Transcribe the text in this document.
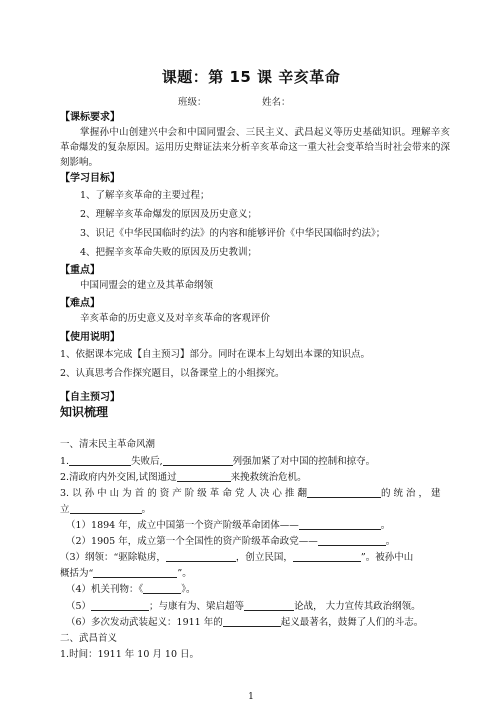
课题：第 15 课 辛亥革命
班级：	姓名：
【课标要求】
掌握孙中山创建兴中会和中国同盟会、三民主义、武昌起义等历史基础知识。理解辛亥革命爆发的复杂原因。运用历史辩证法来分析辛亥革命这一重大社会变革给当时社会带来的深刻影响。
【学习目标】
1、了解辛亥革命的主要过程；
2、理解辛亥革命爆发的原因及历史意义；
3、识记《中华民国临时约法》的内容和能够评价《中华民国临时约法》；
4、把握辛亥革命失败的原因及历史教训；
【重点】
中国同盟会的建立及其革命纲领
【难点】
辛亥革命的历史意义及对辛亥革命的客观评价
【使用说明】
1、依据课本完成【自主预习】部分。同时在课本上勾划出本课的知识点。
2、认真思考合作探究题目，以备课堂上的小组探究。
【自主预习】
知识梳理
一、清末民主革命风潮
1.	失败后,	列强加紧了对中国的控制和掠夺。
2.清政府内外交困,试图通过	来挽救统治危机。
3. 以 孙 中 山 为 首 的 资 产 阶 级 革 命 党 人 决 心 推 翻	的 统 治 ， 建
立	。
（1）1894 年，成立中国第一个资产阶级革命团体——	。
（2）1905 年，成立第一个全国性的资产阶级革命政党——	。
（3）纲领：“驱除鞑虏，	，创立民国，	”。被孙中山
概括为“	”。
（4）机关刊物：《	》。
（5）	；与康有为、梁启超等	论战， 大力宣传其政治纲领。
（6）多次发动武装起义：1911 年的	起义最著名，鼓舞了人们的斗志。
二、武昌首义
1.时间：1911 年 10 月 10 日。
1
